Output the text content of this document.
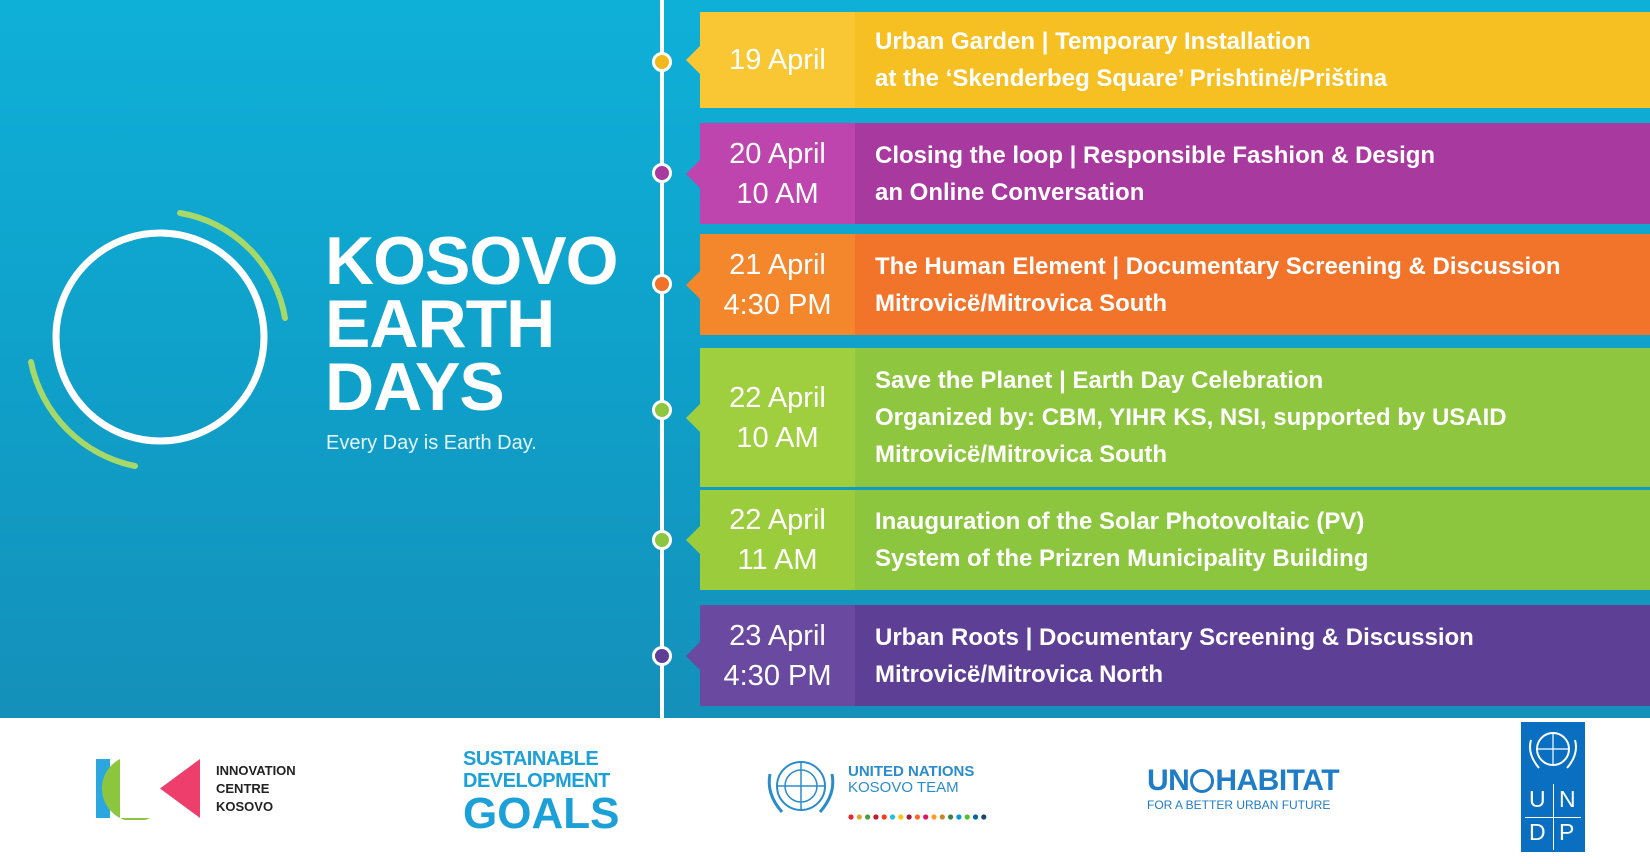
KOSOVO
EARTH
DAYS
Every Day is Earth Day.
19 April
Urban Garden | Temporary Installation
at the ‘Skenderbeg Square’ Prishtinë/Priština
20 April
10 AM
Closing the loop | Responsible Fashion & Design
an Online Conversation
21 April
4:30 PM
The Human Element | Documentary Screening & Discussion
Mitrovicë/Mitrovica South
22 April
10 AM
Save the Planet | Earth Day Celebration
Organized by: CBM, YIHR KS, NSI, supported by USAID
Mitrovicë/Mitrovica South
22 April
11 AM
Inauguration of the Solar Photovoltaic (PV)
System of the Prizren Municipality Building
23 April
4:30 PM
Urban Roots | Documentary Screening & Discussion
Mitrovicë/Mitrovica North
INNOVATION
CENTRE
KOSOVO
SUSTAINABLE
DEVELOPMENT
GOALS
UNITED NATIONS
KOSOVO TEAM	UN HABITAT
FOR A BETTER URBAN FUTURE	U N
D P
